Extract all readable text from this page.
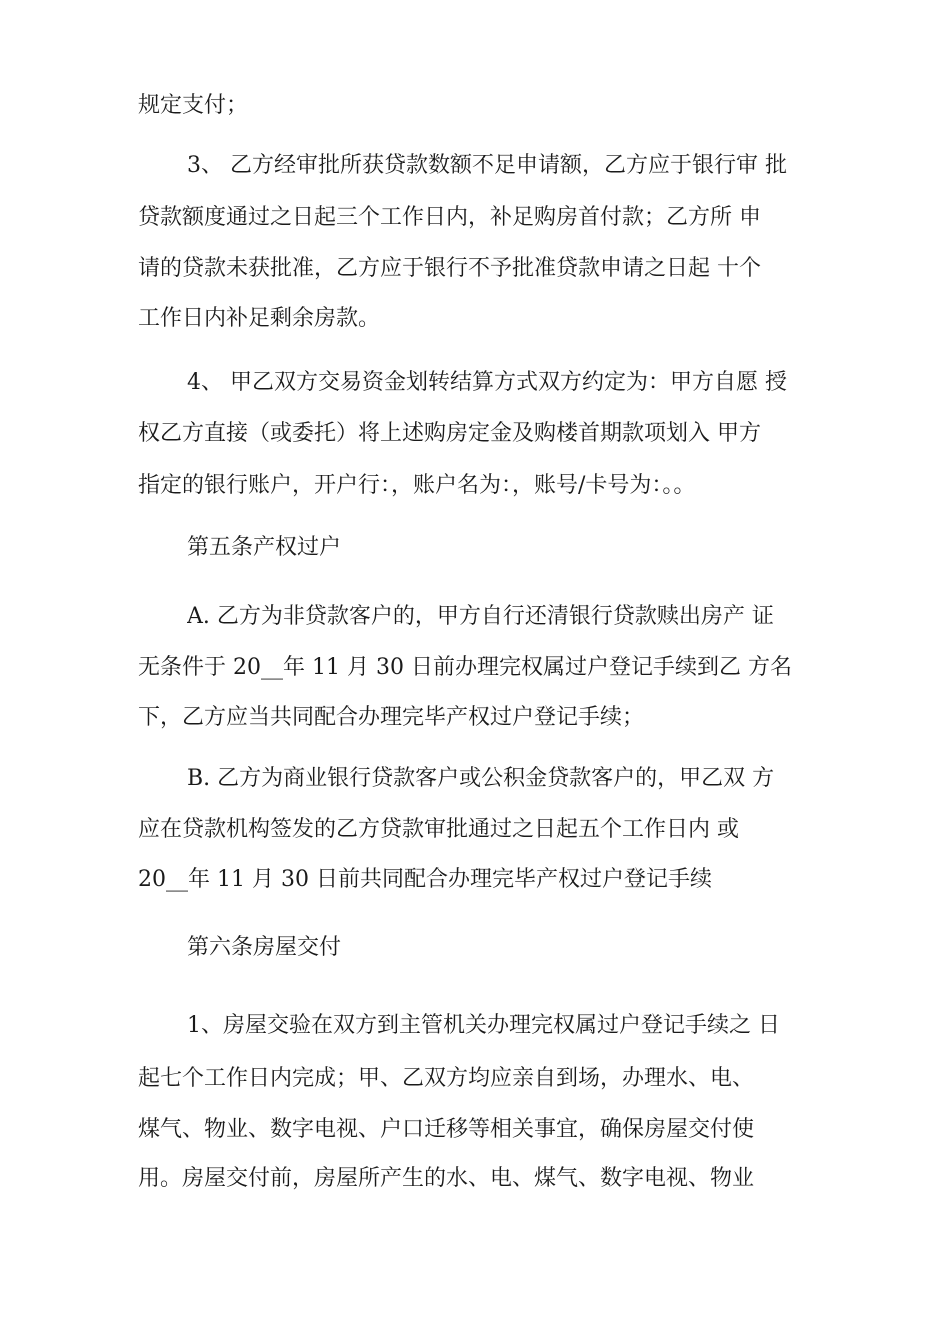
规定支付；

3、 乙方经审批所获贷款数额不足申请额，乙方应于银行审 批

贷款额度通过之日起三个工作日内，补足购房首付款；乙方所 申

请的贷款未获批准，乙方应于银行不予批准贷款申请之日起 十个

工作日内补足剩余房款。

4、 甲乙双方交易资金划转结算方式双方约定为：甲方自愿 授

权乙方直接（或委托）将上述购房定金及购楼首期款项划入 甲方

指定的银行账户，开户行：，账户名为：，账号/卡号为：。。

第五条产权过户

A. 乙方为非贷款客户的，甲方自行还清银行贷款赎出房产 证

无条件于 20__年 11 月 30 日前办理完权属过户登记手续到乙 方名

下，乙方应当共同配合办理完毕产权过户登记手续；

B. 乙方为商业银行贷款客户或公积金贷款客户的，甲乙双 方

应在贷款机构签发的乙方贷款审批通过之日起五个工作日内 或

20__年 11 月 30 日前共同配合办理完毕产权过户登记手续

第六条房屋交付

1、房屋交验在双方到主管机关办理完权属过户登记手续之 日

起七个工作日内完成；甲、乙双方均应亲自到场，办理水、电、

煤气、物业、数字电视、户口迁移等相关事宜，确保房屋交付使

用。房屋交付前，房屋所产生的水、电、煤气、数字电视、物业
